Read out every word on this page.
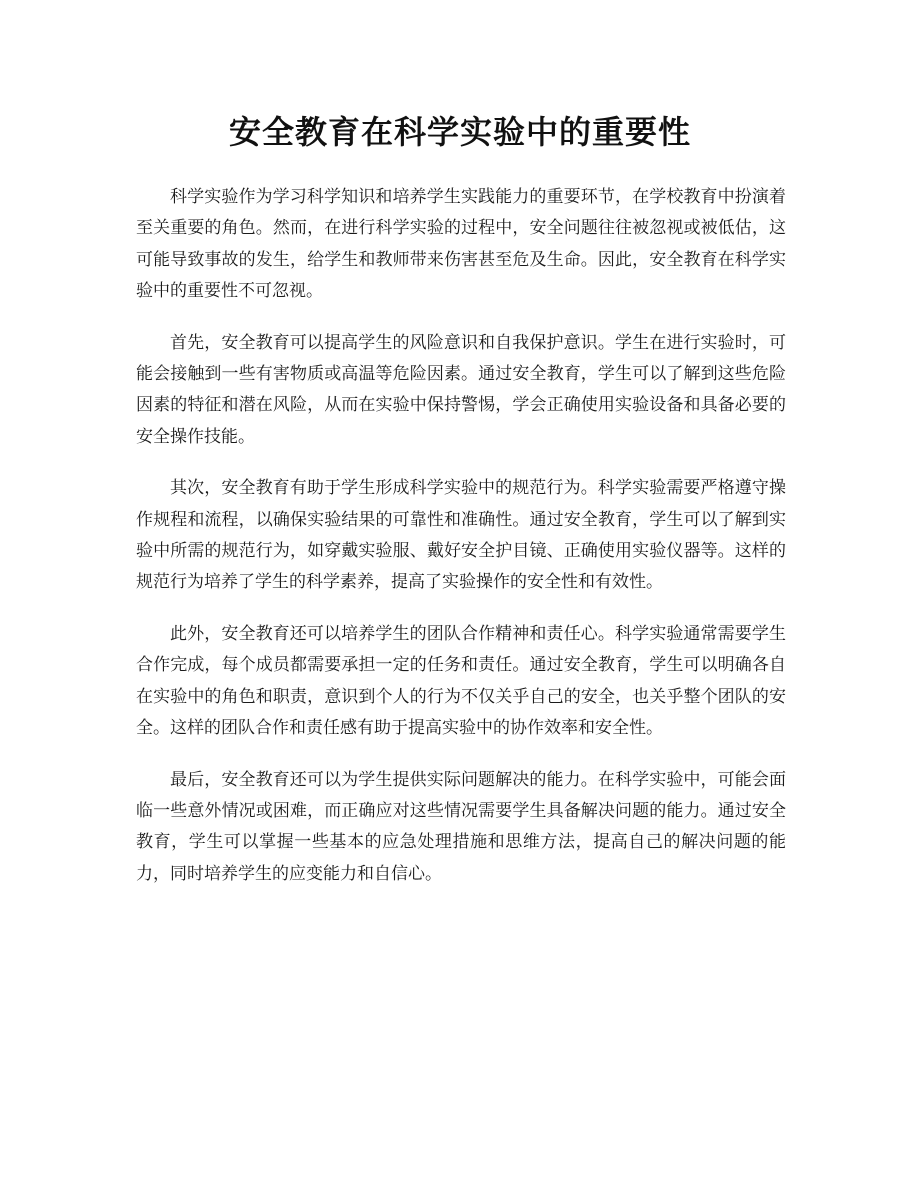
安全教育在科学实验中的重要性

科学实验作为学习科学知识和培养学生实践能力的重要环节，在学校教育中扮演着至关重要的角色。然而，在进行科学实验的过程中，安全问题往往被忽视或被低估，这可能导致事故的发生，给学生和教师带来伤害甚至危及生命。因此，安全教育在科学实验中的重要性不可忽视。

首先，安全教育可以提高学生的风险意识和自我保护意识。学生在进行实验时，可能会接触到一些有害物质或高温等危险因素。通过安全教育，学生可以了解到这些危险因素的特征和潜在风险，从而在实验中保持警惕，学会正确使用实验设备和具备必要的安全操作技能。

其次，安全教育有助于学生形成科学实验中的规范行为。科学实验需要严格遵守操作规程和流程，以确保实验结果的可靠性和准确性。通过安全教育，学生可以了解到实验中所需的规范行为，如穿戴实验服、戴好安全护目镜、正确使用实验仪器等。这样的规范行为培养了学生的科学素养，提高了实验操作的安全性和有效性。

此外，安全教育还可以培养学生的团队合作精神和责任心。科学实验通常需要学生合作完成，每个成员都需要承担一定的任务和责任。通过安全教育，学生可以明确各自在实验中的角色和职责，意识到个人的行为不仅关乎自己的安全，也关乎整个团队的安全。这样的团队合作和责任感有助于提高实验中的协作效率和安全性。

最后，安全教育还可以为学生提供实际问题解决的能力。在科学实验中，可能会面临一些意外情况或困难，而正确应对这些情况需要学生具备解决问题的能力。通过安全教育，学生可以掌握一些基本的应急处理措施和思维方法，提高自己的解决问题的能力，同时培养学生的应变能力和自信心。
